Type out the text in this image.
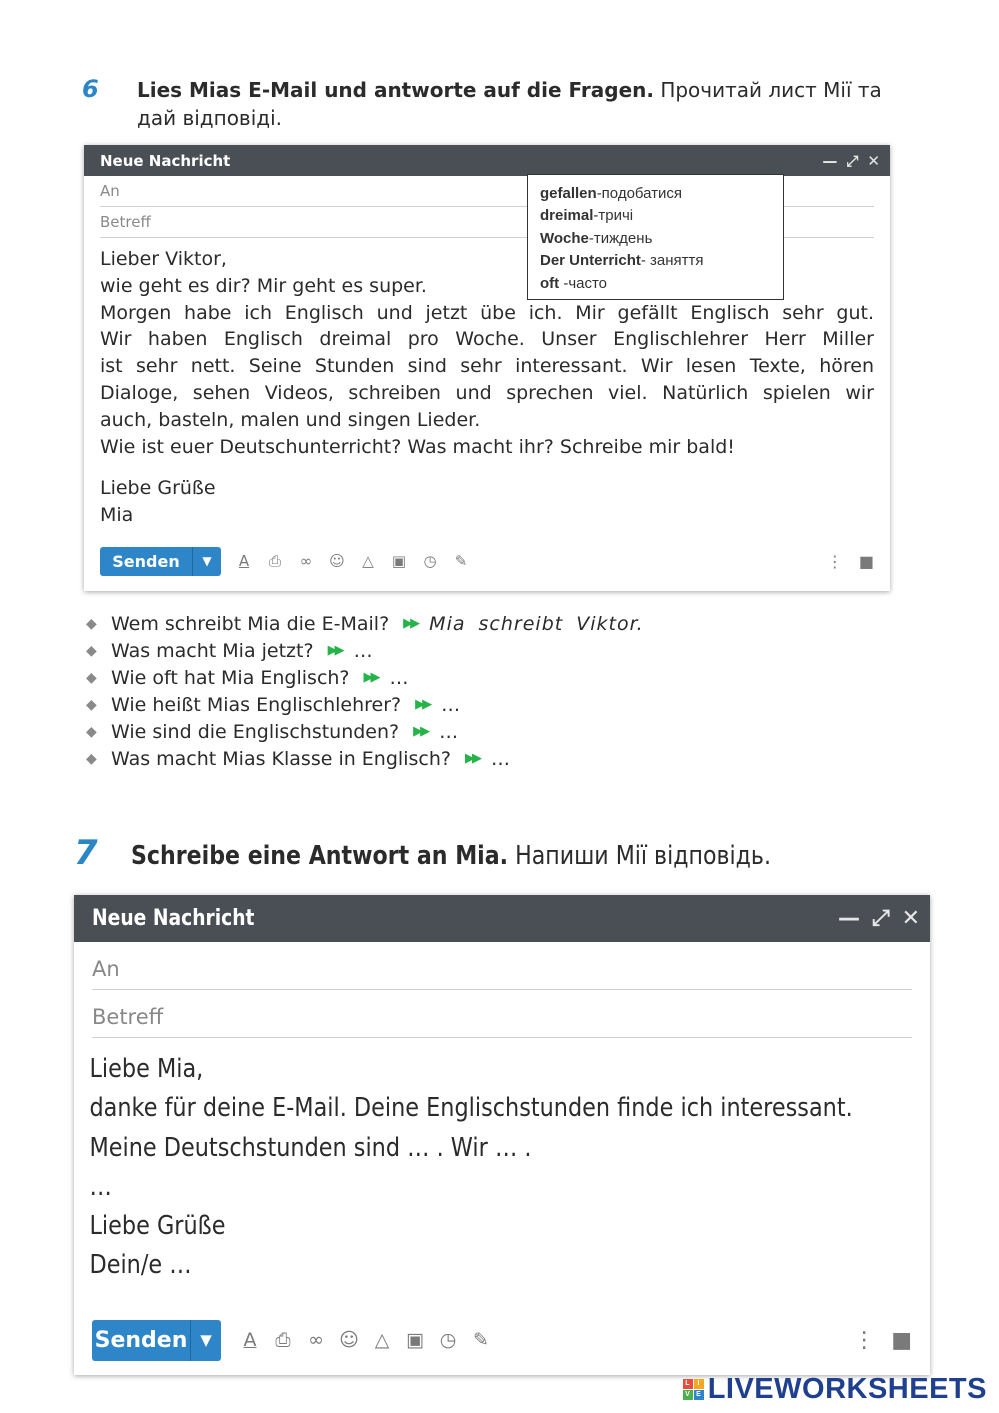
6 Lies Mias E-Mail und antworte auf die Fragen. Прочитай лист Мії та
дай відповіді.
Neue Nachricht	— ⤢ ✕
An
Betreff
Lieber Viktor,
wie geht es dir? Mir geht es super.
Morgen habe ich Englisch und jetzt übe ich. Mir gefällt Englisch sehr gut.
Wir haben Englisch dreimal pro Woche. Unser Englischlehrer Herr Miller
ist sehr nett. Seine Stunden sind sehr interessant. Wir lesen Texte, hören
Dialoge, sehen Videos, schreiben und sprechen viel. Natürlich spielen wir
auch, basteln, malen und singen Lieder.
Wie ist euer Deutschunterricht? Was macht ihr? Schreibe mir bald!
Liebe Grüße
Mia
Senden	▼	A	⎙	∞	☺	△	▣ ◷	✎	⋮ ■
gefallen-подобатися
dreimal-тричі
Woche-тиждень
Der Unterricht- заняття
oft -часто
◆ Wem schreibt Mia die E-Mail? ▶▶ Mia schreibt Viktor.
◆ Was macht Mia jetzt? ▶▶ …
◆ Wie oft hat Mia Englisch? ▶▶ …
◆ Wie heißt Mias Englischlehrer? ▶▶ …
◆ Wie sind die Englischstunden? ▶▶ …
◆ Was macht Mias Klasse in Englisch? ▶▶ …
7 Schreibe eine Antwort an Mia. Напиши Мії відповідь.
Neue Nachricht	— ⤢ ✕
An
Betreff
Liebe Mia,
danke für deine E-Mail. Deine Englischstunden finde ich interessant.
Meine Deutschstunden sind … . Wir … .
…
Liebe Grüße
Dein/e …
Senden ▼	A ⎙ ∞ ☺ △ ▣ ◷ ✎	⋮ ■
L	I
V E LIVEWORKSHEETS
